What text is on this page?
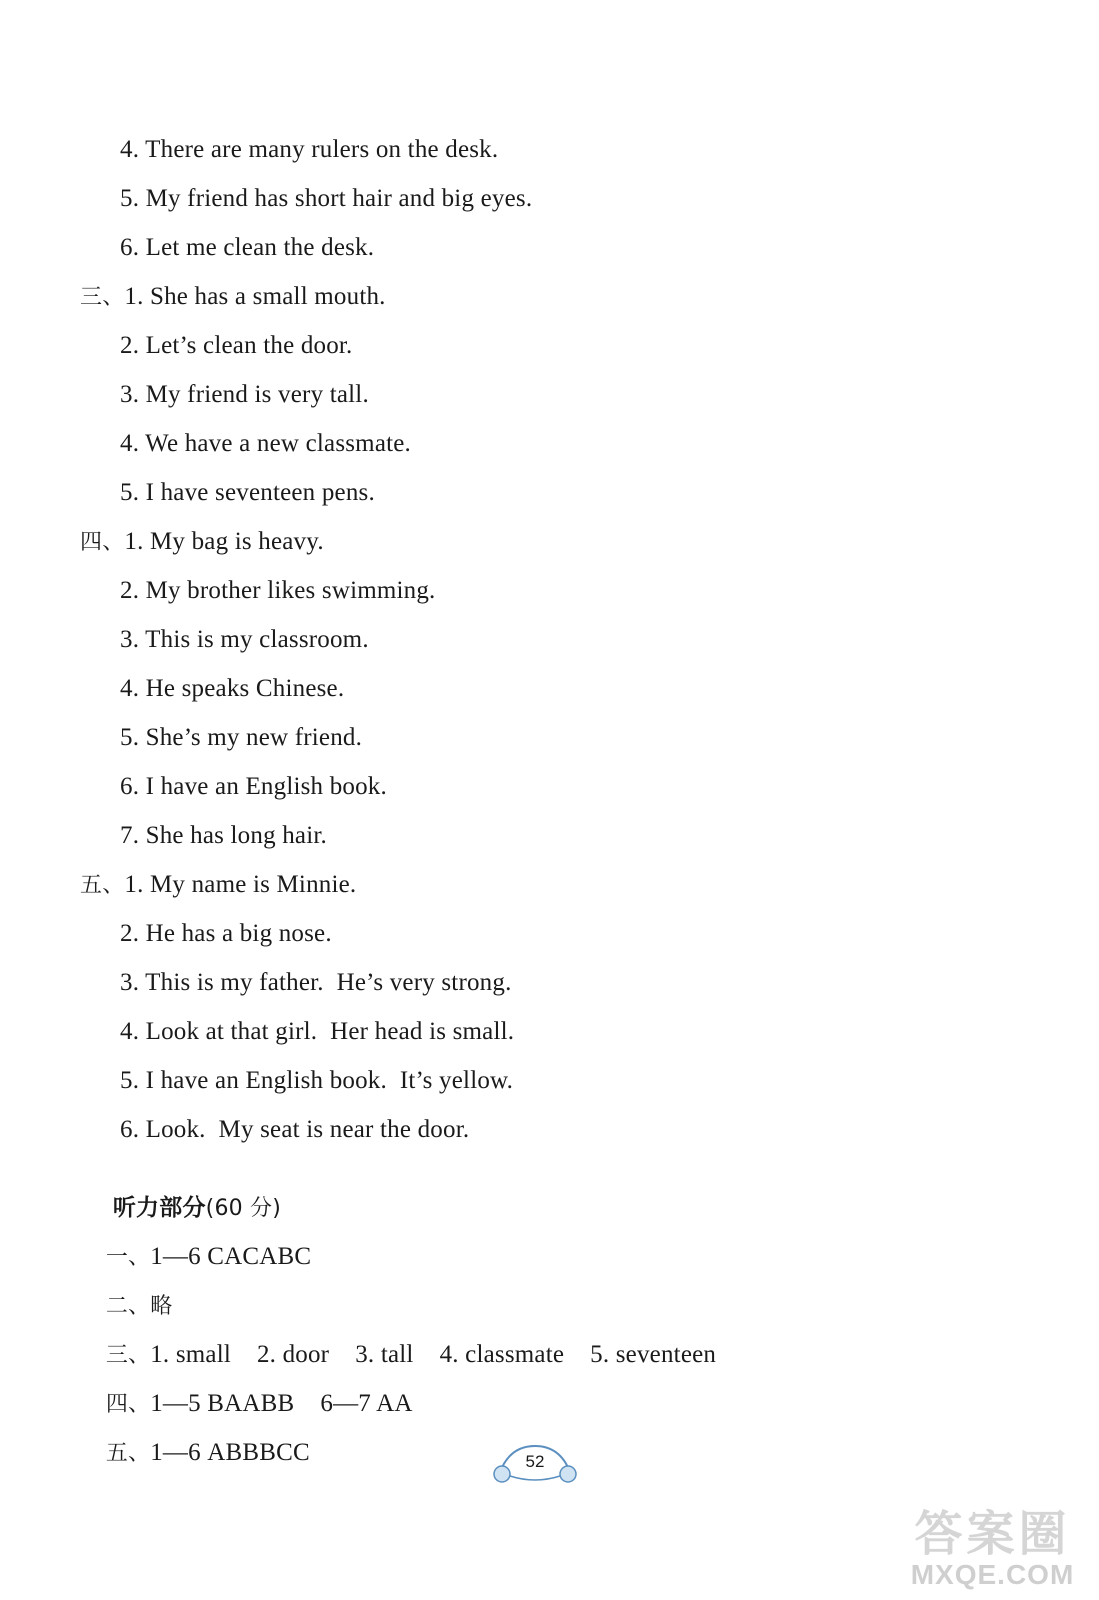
4. There are many rulers on the desk.
5. My friend has short hair and big eyes.
6. Let me clean the desk.
三、1. She has a small mouth.
2. Let’s clean the door.
3. My friend is very tall.
4. We have a new classmate.
5. I have seventeen pens.
四、1. My bag is heavy.
2. My brother likes swimming.
3. This is my classroom.
4. He speaks Chinese.
5. She’s my new friend.
6. I have an English book.
7. She has long hair.
五、1. My name is Minnie.
2. He has a big nose.
3. This is my father.  He’s very strong.
4. Look at that girl.  Her head is small.
5. I have an English book.  It’s yellow.
6. Look.  My seat is near the door.

听力部分(60 分)

一、1—6 CACABC

二、略

三、1. small 2. door 3. tall 4. classmate 5. seventeen

四、1—5 BAABB 6—7 AA

五、1—6 ABBBCC
	52
答案圈
MXQE.COM
